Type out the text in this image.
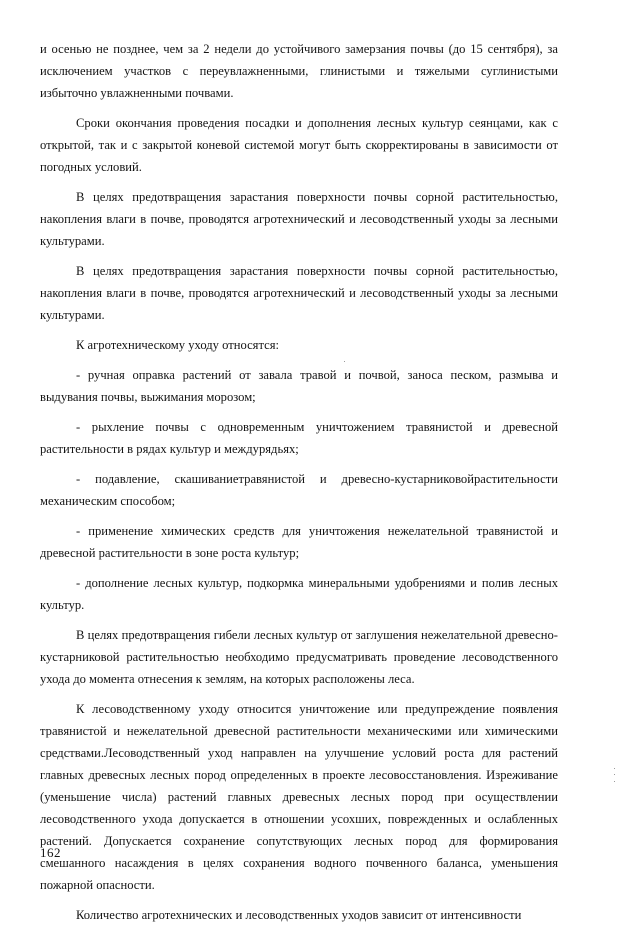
и осенью не позднее, чем за 2 недели до устойчивого замерзания почвы (до 15 сентября), за исключением участков с переувлажненными, глинистыми и тяжелыми суглинистыми избыточно увлажненными почвами.

Сроки окончания проведения посадки и дополнения лесных культур сеянцами, как с открытой, так и с закрытой коневой системой могут быть скорректированы в зависимости от погодных условий.

В целях предотвращения зарастания поверхности почвы сорной растительностью, накопления влаги в почве, проводятся агротехнический и лесоводственный уходы за лесными культурами.

В целях предотвращения зарастания поверхности почвы сорной растительностью, накопления влаги в почве, проводятся агротехнический и лесоводственный уходы за лесными культурами.

К агротехническому уходу относятся:

- ручная оправка растений от завала травой и почвой, заноса песком, размыва и выдувания почвы, выжимания морозом;

- рыхление почвы с одновременным уничтожением травянистой и древесной растительности в рядах культур и междурядьях;

- подавление, скашиваниетравянистой и древесно-кустарниковойрастительности механическим способом;

- применение химических средств для уничтожения нежелательной травянистой и древесной растительности в зоне роста культур;

- дополнение лесных культур, подкормка минеральными удобрениями и полив лесных культур.

В целях предотвращения гибели лесных культур от заглушения нежелательной древесно-кустарниковой растительностью необходимо предусматривать проведение лесоводственного ухода до момента отнесения к землям, на которых расположены леса.

К лесоводственному уходу относится уничтожение или предупреждение появления травянистой и нежелательной древесной растительности механическими или химическими средствами.Лесоводственный уход направлен на улучшение условий роста для растений главных древесных лесных пород определенных в проекте лесовосстановления. Изреживание (уменьшение числа) растений главных древесных лесных пород при осуществлении лесоводственного ухода допускается в отношении усохших, поврежденных и ослабленных растений. Допускается сохранение сопутствующих лесных пород для формирования смешанного насаждения в целях сохранения водного почвенного баланса, уменьшения пожарной опасности.

Количество агротехнических и лесоводственных уходов зависит от интенсивности

162
